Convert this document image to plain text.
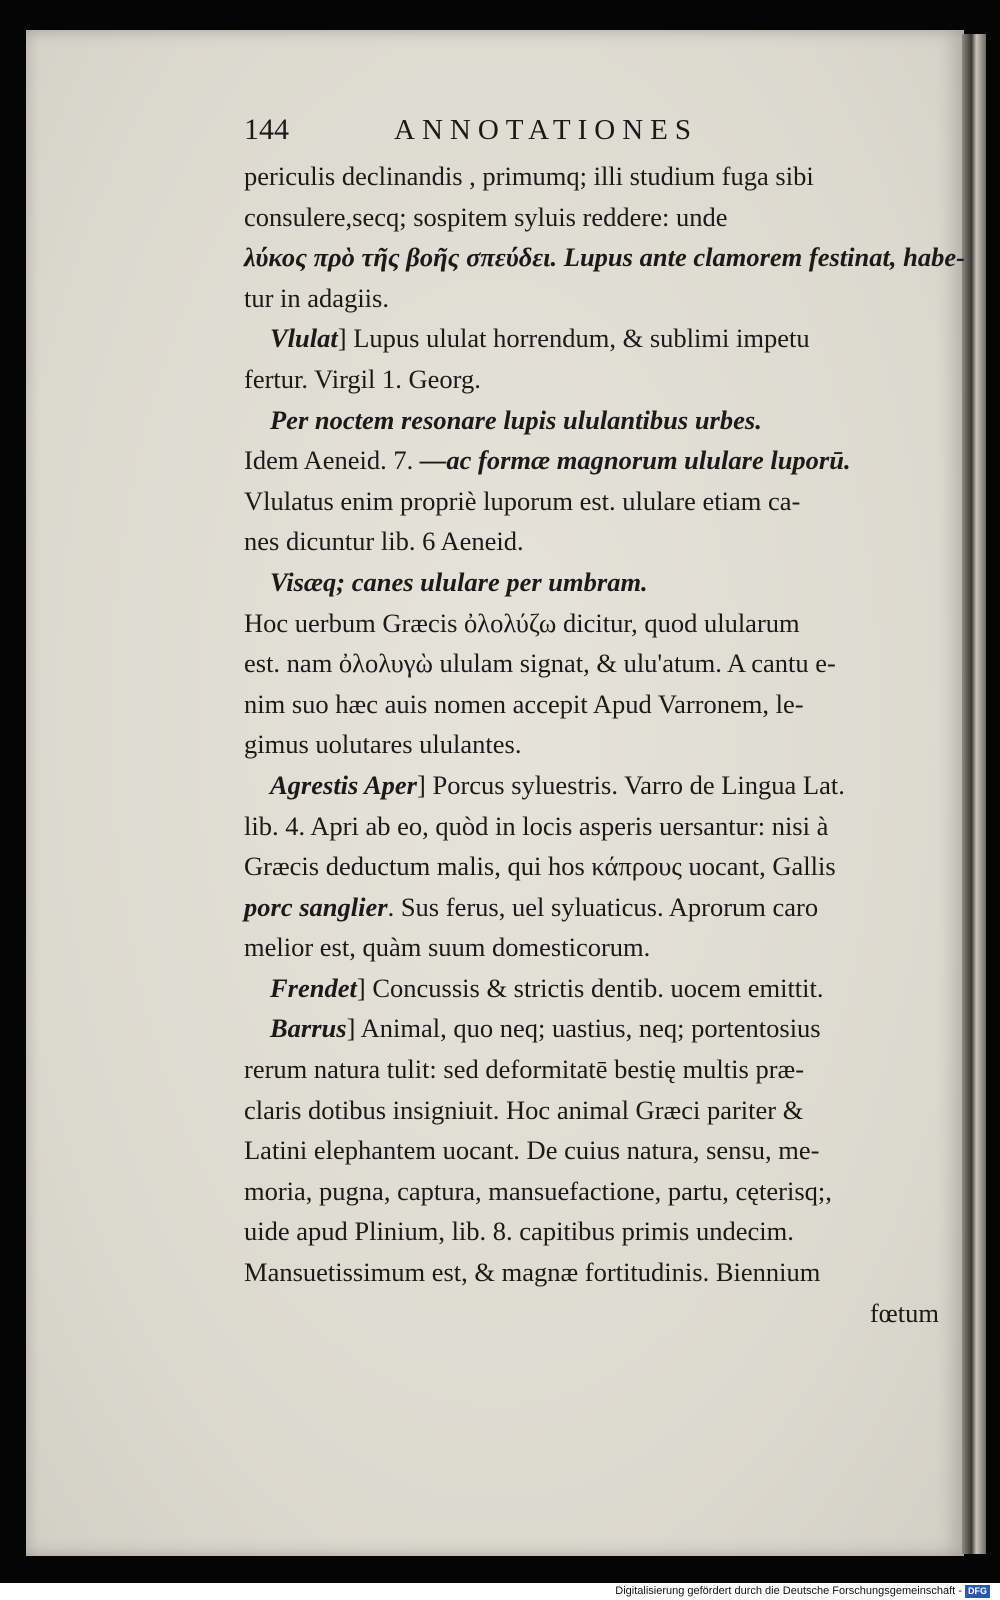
144	ANNOTATIONES
periculis declinandis , primumq; illi studium fuga sibi
consulere,secq; sospitem syluis reddere: unde
λύκος πρὸ τῆς βοῆς σπεύδει. Lupus ante clamorem festinat, habe-
tur in adagiis.
Vlulat] Lupus ululat horrendum, & sublimi impetu
fertur. Virgil 1. Georg.
Per noctem resonare lupis ululantibus urbes.
Idem Aeneid. 7. —ac formæ magnorum ululare luporū.
Vlulatus enim propriè luporum est. ululare etiam ca-
nes dicuntur lib. 6 Aeneid.
Visæq; canes ululare per umbram.
Hoc uerbum Græcis ὀλολύζω dicitur, quod ulularum
est. nam ὀλολυγὼ ululam signat, & ulu'atum. A cantu e-
nim suo hæc auis nomen accepit Apud Varronem, le-
gimus uolutares ululantes.
Agrestis Aper] Porcus syluestris. Varro de Lingua Lat.
lib. 4. Apri ab eo, quòd in locis asperis uersantur: nisi à
Græcis deductum malis, qui hos κάπρους uocant, Gallis
porc sanglier. Sus ferus, uel syluaticus. Aprorum caro
melior est, quàm suum domesticorum.
Frendet] Concussis & strictis dentib. uocem emittit.
Barrus] Animal, quo neq; uastius, neq; portentosius
rerum natura tulit: sed deformitatē bestię multis præ-
claris dotibus insigniuit. Hoc animal Græci pariter &
Latini elephantem uocant. De cuius natura, sensu, me-
moria, pugna, captura, mansuefactione, partu, cęterisq;,
uide apud Plinium, lib. 8. capitibus primis undecim.
Mansuetissimum est, & magnæ fortitudinis. Biennium
fœtum
Digitalisierung gefördert durch die Deutsche Forschungsgemeinschaft - DFG
